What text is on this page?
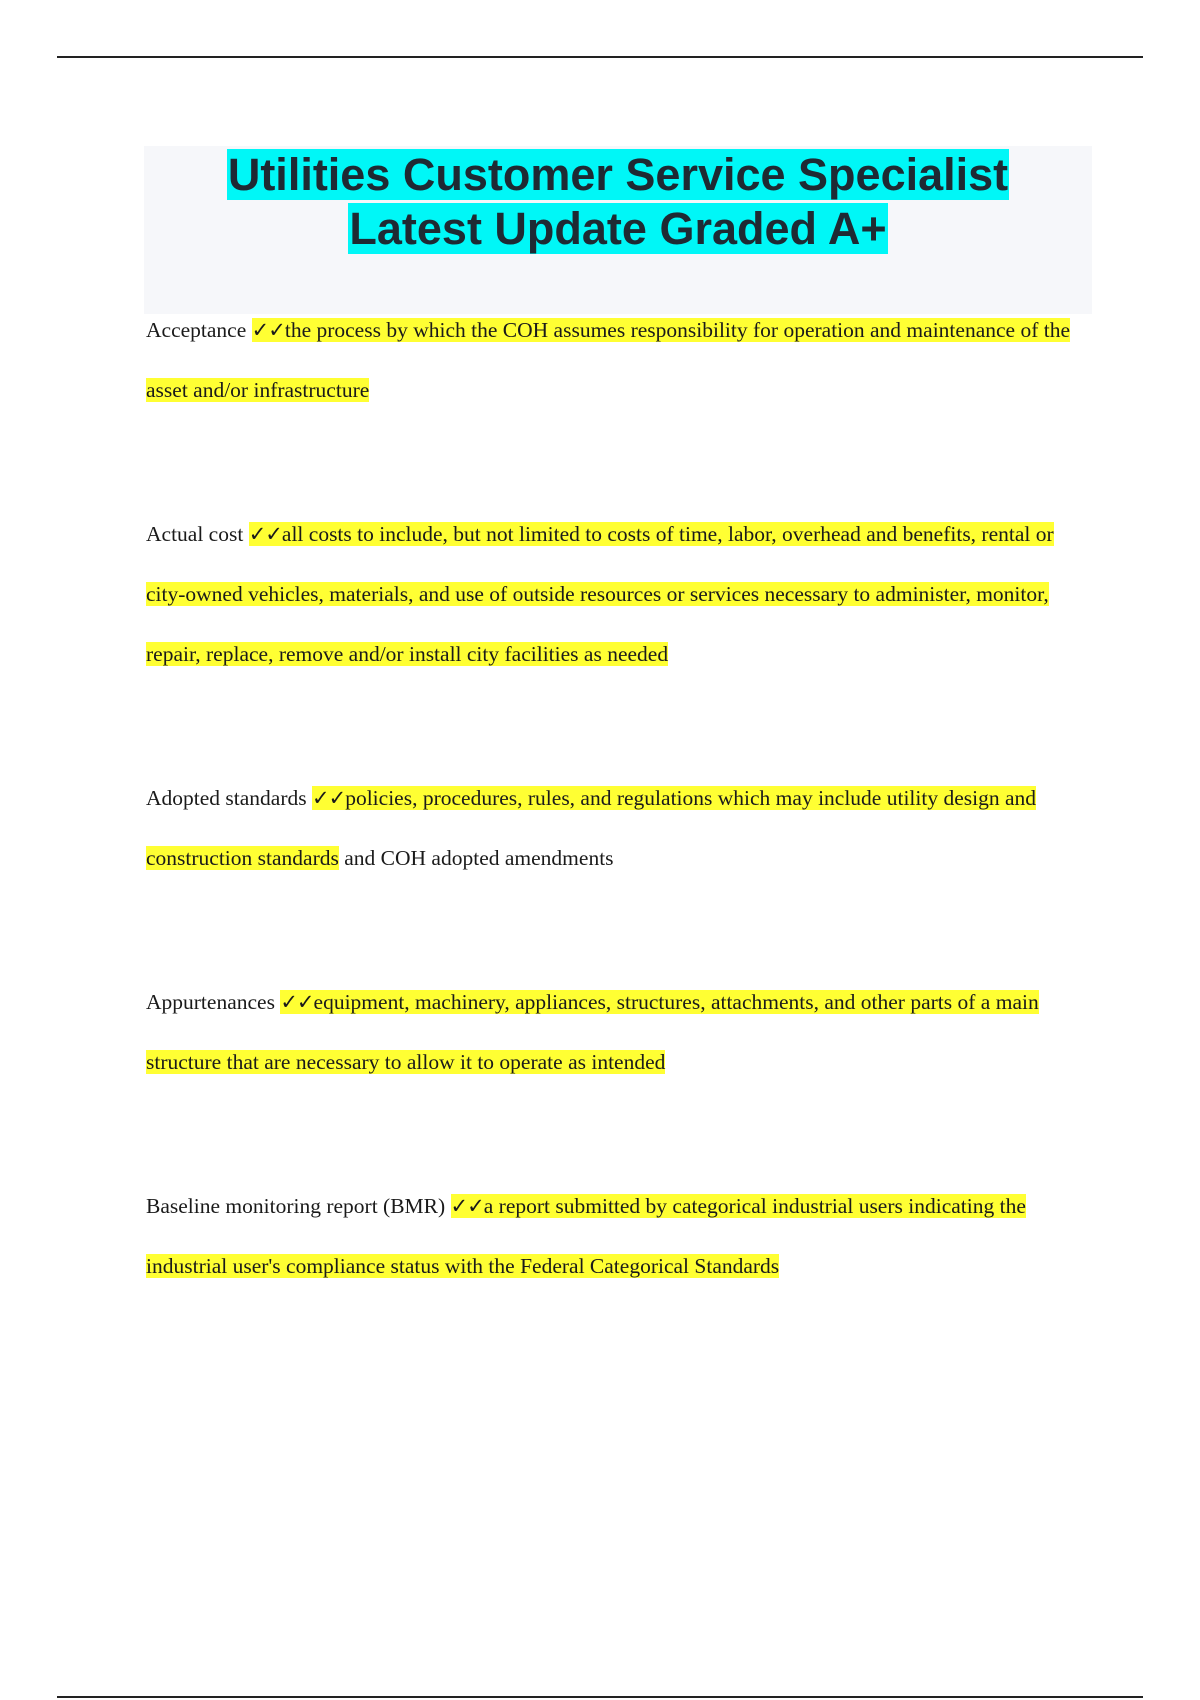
Utilities Customer Service Specialist

Latest Update Graded A+

Acceptance ✓✓the process by which the COH assumes responsibility for operation and maintenance of the asset and/or infrastructure

Actual cost ✓✓all costs to include, but not limited to costs of time, labor, overhead and benefits, rental or city-owned vehicles, materials, and use of outside resources or services necessary to administer, monitor, repair, replace, remove and/or install city facilities as needed

Adopted standards ✓✓policies, procedures, rules, and regulations which may include utility design and construction standards and COH adopted amendments

Appurtenances ✓✓equipment, machinery, appliances, structures, attachments, and other parts of a main structure that are necessary to allow it to operate as intended

Baseline monitoring report (BMR) ✓✓a report submitted by categorical industrial users indicating the industrial user's compliance status with the Federal Categorical Standards
